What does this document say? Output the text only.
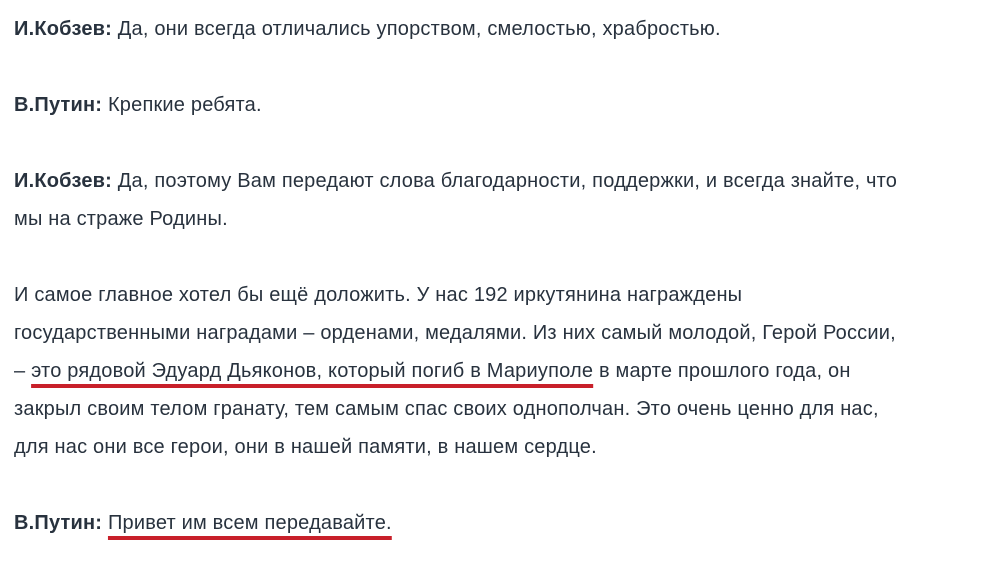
И.Кобзев: Да, они всегда отличались упорством, смелостью, храбростью.

В.Путин: Крепкие ребята.

И.Кобзев: Да, поэтому Вам передают слова благодарности, поддержки, и всегда знайте, что мы на страже Родины.

И самое главное хотел бы ещё доложить. У нас 192 иркутянина награждены государственными наградами – орденами, медалями. Из них самый молодой, Герой России, – это рядовой Эдуард Дьяконов, который погиб в Мариуполе в марте прошлого года, он закрыл своим телом гранату, тем самым спас своих однополчан. Это очень ценно для нас, для нас они все герои, они в нашей памяти, в нашем сердце.

В.Путин: Привет им всем передавайте.
